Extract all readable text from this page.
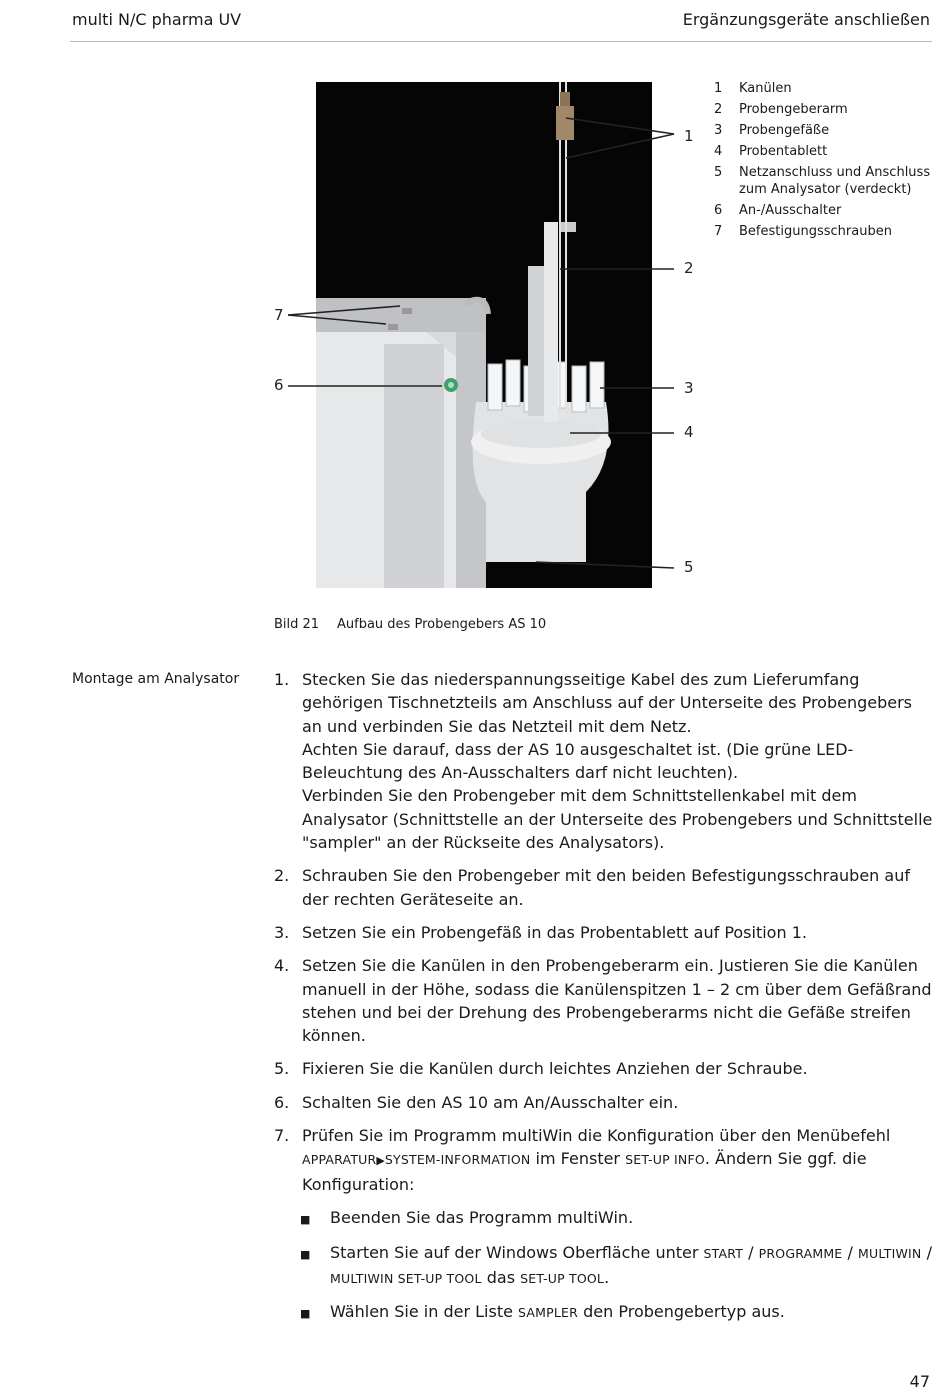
multi N/C pharma UV	Ergänzungsgeräte anschließen
1
2
3
4
5
6
7
1	Kanülen
2	Probengeberarm
3	Probengefäße
4	Probentablett
5	Netzanschluss und Anschluss zum Analysator (verdeckt)
6	An-/Ausschalter
7	Befestigungsschrauben
Bild 21 Aufbau des Probengebers AS 10
Montage am Analysator 1. Stecken Sie das niederspannungsseitige Kabel des zum Lieferumfang gehörigen Tischnetzteils am Anschluss auf der Unterseite des Probengebers an und verbinden Sie das Netzteil mit dem Netz.

Achten Sie darauf, dass der AS 10 ausgeschaltet ist. (Die grüne LED-Beleuchtung des An-Ausschalters darf nicht leuchten).

Verbinden Sie den Probengeber mit dem Schnittstellenkabel mit dem Analysator (Schnittstelle an der Unterseite des Probengebers und Schnittstelle "sampler" an der Rückseite des Analysators).

2. Schrauben Sie den Probengeber mit den beiden Befestigungsschrauben auf der rechten Geräteseite an.
3. Setzen Sie ein Probengefäß in das Probentablett auf Position 1.
4. Setzen Sie die Kanülen in den Probengeberarm ein. Justieren Sie die Kanülen manuell in der Höhe, sodass die Kanülenspitzen 1 – 2 cm über dem Gefäßrand stehen und bei der Drehung des Probengeberarms nicht die Gefäße streifen können.
5. Fixieren Sie die Kanülen durch leichtes Anziehen der Schraube.
6. Schalten Sie den AS 10 am An/Ausschalter ein.
7. Prüfen Sie im Programm multiWin die Konfiguration über den Menübefehl APPARATUR▶SYSTEM-INFORMATION im Fenster SET-UP INFO. Ändern Sie ggf. die Konfiguration:

■	Beenden Sie das Programm multiWin.
■	Starten Sie auf der Windows Oberfläche unter START / PROGRAMME / MULTIWIN / MULTIWIN SET-UP TOOL das SET-UP TOOL.
■	Wählen Sie in der Liste SAMPLER den Probengebertyp aus.
47
